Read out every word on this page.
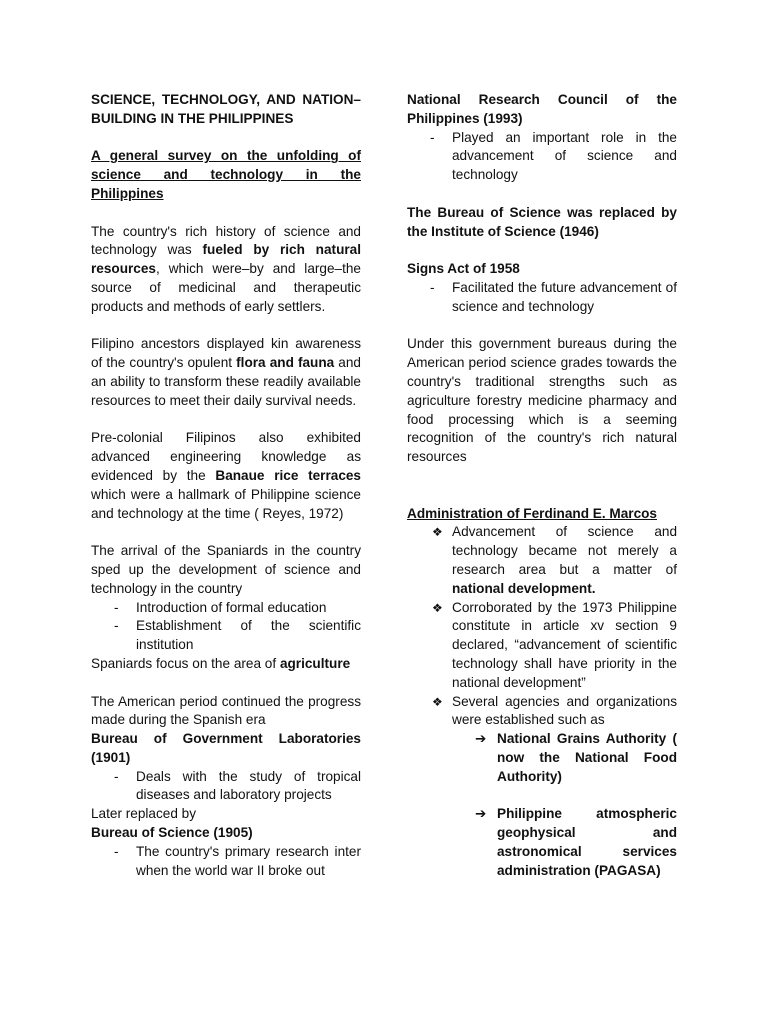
SCIENCE, TECHNOLOGY, AND NATION–BUILDING IN THE PHILIPPINES

A general survey on the unfolding of science and technology in the Philippines

The country's rich history of science and technology was fueled by rich natural resources, which were–by and large–the source of medicinal and therapeutic products and methods of early settlers.

Filipino ancestors displayed kin awareness of the country's opulent flora and fauna and an ability to transform these readily available resources to meet their daily survival needs.

Pre-colonial Filipinos also exhibited advanced engineering knowledge as evidenced by the Banaue rice terraces which were a hallmark of Philippine science and technology at the time ( Reyes, 1972)

The arrival of the Spaniards in the country sped up the development of science and technology in the country

- Introduction of formal education
- Establishment of the scientific institution

Spaniards focus on the area of agriculture

The American period continued the progress made during the Spanish era

Bureau of Government Laboratories (1901)

- Deals with the study of tropical diseases and laboratory projects

Later replaced by

Bureau of Science (1905)

- The country's primary research inter when the world war II broke out

National Research Council of the Philippines (1993)

- Played an important role in the advancement of science and technology

The Bureau of Science was replaced by the Institute of Science (1946)

Signs Act of 1958

- Facilitated the future advancement of science and technology

Under this government bureaus during the American period science grades towards the country's traditional strengths such as agriculture forestry medicine pharmacy and food processing which is a seeming recognition of the country's rich natural resources

Administration of Ferdinand E. Marcos

❖ Advancement of science and technology became not merely a research area but a matter of national development.
❖ Corroborated by the 1973 Philippine constitute in article xv section 9 declared, “advancement of scientific technology shall have priority in the national development”
❖ Several agencies and organizations were established such as
➔ National Grains Authority ( now the National Food Authority)
➔ Philippine atmospheric geophysical and astronomical services administration (PAGASA)
